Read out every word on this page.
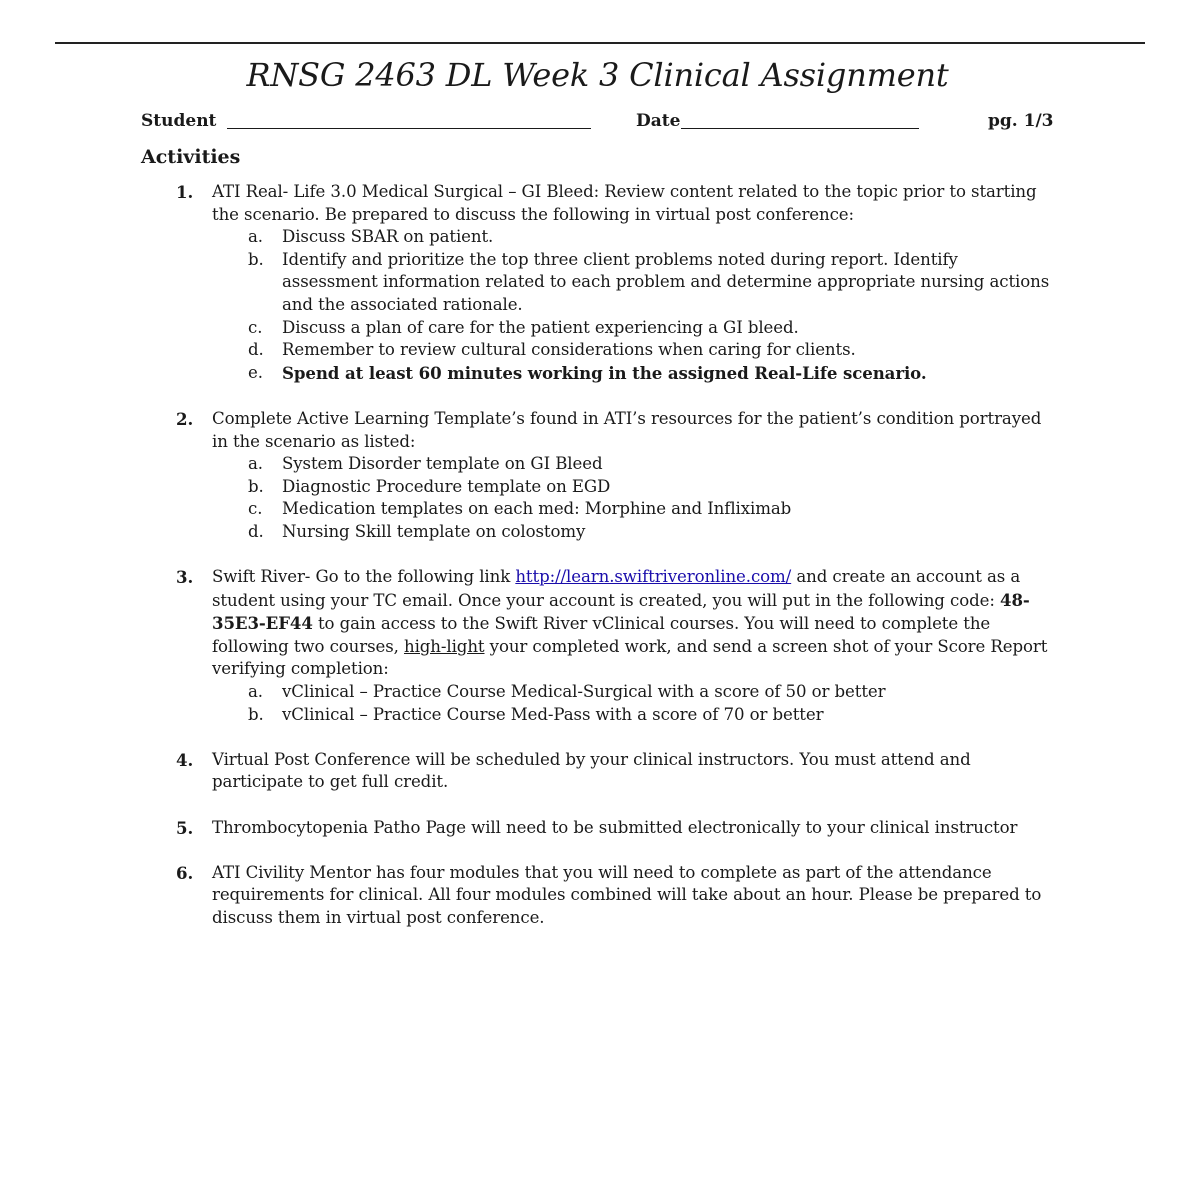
RNSG 2463 DL Week 3 Clinical Assignment
Student	Date	pg. 1/3
Activities
1. ATI Real- Life 3.0 Medical Surgical – GI Bleed: Review content related to the topic prior to starting the scenario. Be prepared to discuss the following in virtual post conference:
a. Discuss SBAR on patient.
b. Identify and prioritize the top three client problems noted during report. Identify assessment information related to each problem and determine appropriate nursing actions and the associated rationale.
c. Discuss a plan of care for the patient experiencing a GI bleed.
d. Remember to review cultural considerations when caring for clients.
e. Spend at least 60 minutes working in the assigned Real-Life scenario.
2. Complete Active Learning Template’s found in ATI’s resources for the patient’s condition portrayed in the scenario as listed:
a. System Disorder template on GI Bleed
b. Diagnostic Procedure template on EGD
c. Medication templates on each med: Morphine and Infliximab
d. Nursing Skill template on colostomy
3. Swift River- Go to the following link http://learn.swiftriveronline.com/ and create an account as a student using your TC email. Once your account is created, you will put in the following code: 48-35E3-EF44 to gain access to the Swift River vClinical courses. You will need to complete the following two courses, high-light your completed work, and send a screen shot of your Score Report verifying completion:
a. vClinical – Practice Course Medical-Surgical with a score of 50 or better
b. vClinical – Practice Course Med-Pass with a score of 70 or better
4. Virtual Post Conference will be scheduled by your clinical instructors. You must attend and participate to get full credit.
5. Thrombocytopenia Patho Page will need to be submitted electronically to your clinical instructor
6. ATI Civility Mentor has four modules that you will need to complete as part of the attendance requirements for clinical. All four modules combined will take about an hour. Please be prepared to discuss them in virtual post conference.
